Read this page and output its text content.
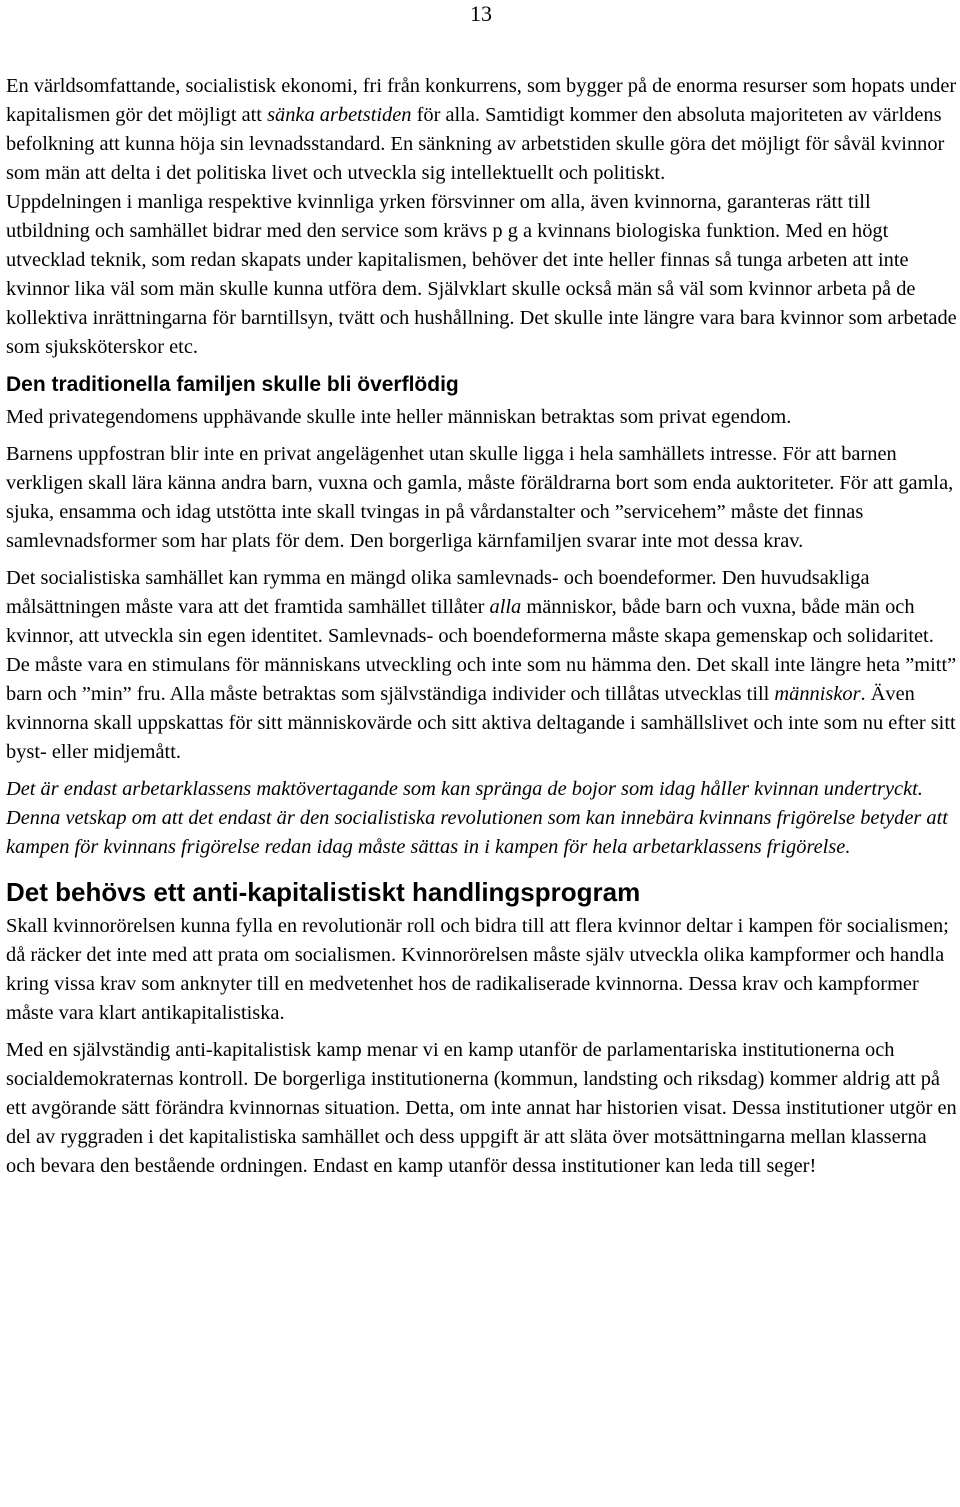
13

En världsomfattande, socialistisk ekonomi, fri från konkurrens, som bygger på de enorma resurser som hopats under kapitalismen gör det möjligt att sänka arbetstiden för alla. Samtidigt kommer den absoluta majoriteten av världens befolkning att kunna höja sin levnadsstandard. En sänkning av arbetstiden skulle göra det möjligt för såväl kvinnor som män att delta i det politiska livet och utveckla sig intellektuellt och politiskt.

Uppdelningen i manliga respektive kvinnliga yrken försvinner om alla, även kvinnorna, garanteras rätt till utbildning och samhället bidrar med den service som krävs p g a kvinnans biologiska funktion. Med en högt utvecklad teknik, som redan skapats under kapitalismen, behöver det inte heller finnas så tunga arbeten att inte kvinnor lika väl som män skulle kunna utföra dem. Självklart skulle också män så väl som kvinnor arbeta på de kollektiva inrättningarna för barntillsyn, tvätt och hushållning. Det skulle inte längre vara bara kvinnor som arbetade som sjuksköterskor etc.

Den traditionella familjen skulle bli överflödig

Med privategendomens upphävande skulle inte heller människan betraktas som privat egendom.

Barnens uppfostran blir inte en privat angelägenhet utan skulle ligga i hela samhällets intresse. För att barnen verkligen skall lära känna andra barn, vuxna och gamla, måste föräldrarna bort som enda auktoriteter. För att gamla, sjuka, ensamma och idag utstötta inte skall tvingas in på vårdanstalter och ”servicehem” måste det finnas samlevnadsformer som har plats för dem. Den borgerliga kärnfamiljen svarar inte mot dessa krav.

Det socialistiska samhället kan rymma en mängd olika samlevnads- och boendeformer. Den huvudsakliga målsättningen måste vara att det framtida samhället tillåter alla människor, både barn och vuxna, både män och kvinnor, att utveckla sin egen identitet. Samlevnads- och boendeformerna måste skapa gemenskap och solidaritet. De måste vara en stimulans för människans utveckling och inte som nu hämma den. Det skall inte längre heta ”mitt” barn och ”min” fru. Alla måste betraktas som självständiga individer och tillåtas utvecklas till människor. Även kvinnorna skall uppskattas för sitt människovärde och sitt aktiva deltagande i samhällslivet och inte som nu efter sitt byst- eller midjemått.

Det är endast arbetarklassens maktövertagande som kan spränga de bojor som idag håller kvinnan undertryckt. Denna vetskap om att det endast är den socialistiska revolutionen som kan innebära kvinnans frigörelse betyder att kampen för kvinnans frigörelse redan idag måste sättas in i kampen för hela arbetarklassens frigörelse.

Det behövs ett anti-kapitalistiskt handlingsprogram

Skall kvinnorörelsen kunna fylla en revolutionär roll och bidra till att flera kvinnor deltar i kampen för socialismen; då räcker det inte med att prata om socialismen. Kvinnorörelsen måste själv utveckla olika kampformer och handla kring vissa krav som anknyter till en medvetenhet hos de radikaliserade kvinnorna. Dessa krav och kampformer måste vara klart antikapitalistiska.

Med en självständig anti-kapitalistisk kamp menar vi en kamp utanför de parlamentariska institutionerna och socialdemokraternas kontroll. De borgerliga institutionerna (kommun, landsting och riksdag) kommer aldrig att på ett avgörande sätt förändra kvinnornas situation. Detta, om inte annat har historien visat. Dessa institutioner utgör en del av ryggraden i det kapitalistiska samhället och dess uppgift är att släta över motsättningarna mellan klasserna och bevara den bestående ordningen. Endast en kamp utanför dessa institutioner kan leda till seger!
